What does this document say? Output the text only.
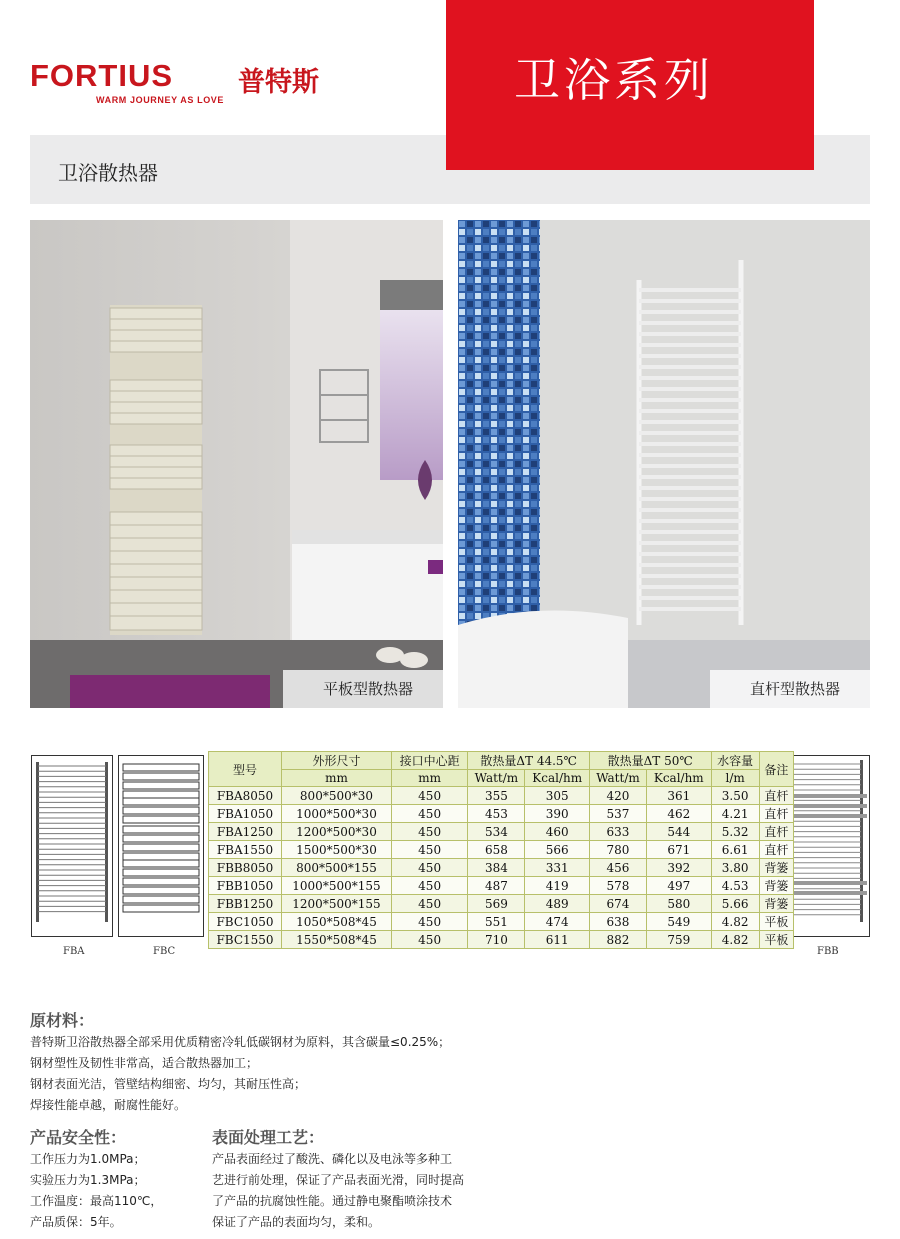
FORTIUS 普特斯
WARM JOURNEY AS LOVE
卫浴散热器
卫浴系列
平板型散热器	直杆型散热器
FBA	FBC	FBB
型号	外形尺寸	接口中心距	散热量ΔT 44.5℃		散热量ΔT 50℃		水容量	备注
	mm	mm	Watt/m	Kcal/hm	Watt/m	Kcal/hm	l/m	
FBA8050	800*500*30	450	355	305	420	361	3.50	直杆
FBA1050	1000*500*30	450	453	390	537	462	4.21	直杆
FBA1250	1200*500*30	450	534	460	633	544	5.32	直杆
FBA1550	1500*500*30	450	658	566	780	671	6.61	直杆
FBB8050	800*500*155	450	384	331	456	392	3.80	背篓
FBB1050	1000*500*155	450	487	419	578	497	4.53	背篓
FBB1250	1200*500*155	450	569	489	674	580	5.66	背篓
FBC1050	1050*508*45	450	551	474	638	549	4.82	平板
FBC1550	1550*508*45	450	710	611	882	759	4.82	平板
原材料：
普特斯卫浴散热器全部采用优质精密冷轧低碳钢材为原料，其含碳量≤0.25%；
钢材塑性及韧性非常高，适合散热器加工；
钢材表面光洁，管壁结构细密、均匀，其耐压性高；
焊接性能卓越，耐腐性能好。
产品安全性：
工作压力为1.0MPa；
实验压力为1.3MPa；
工作温度：最高110℃，
产品质保：5年。
表面处理工艺：
产品表面经过了酸洗、磷化以及电泳等多种工
艺进行前处理，保证了产品表面光滑，同时提高
了产品的抗腐蚀性能。通过静电聚酯喷涂技术
保证了产品的表面均匀，柔和。
